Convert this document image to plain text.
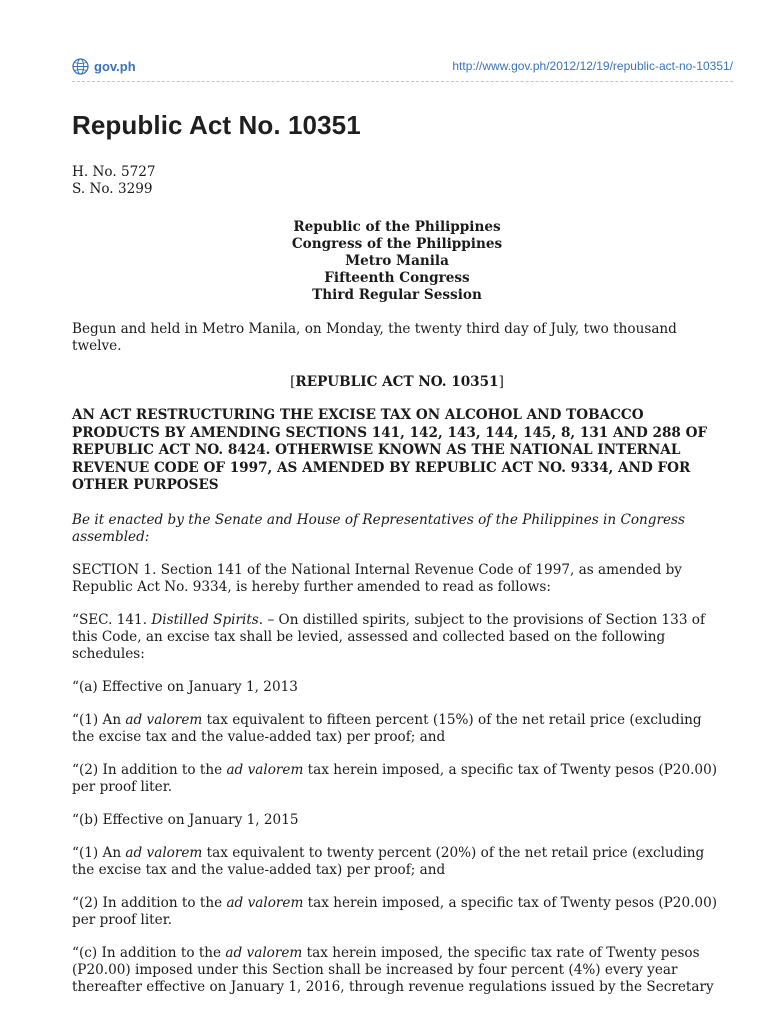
gov.ph	http://www.gov.ph/2012/12/19/republic-act-no-10351/
Republic Act No. 10351

H. No. 5727
S. No. 3299

Republic of the Philippines
Congress of the Philippines
Metro Manila
Fifteenth Congress
Third Regular Session

Begun and held in Metro Manila, on Monday, the twenty third day of July, two thousand twelve.

[REPUBLIC ACT NO. 10351]

AN ACT RESTRUCTURING THE EXCISE TAX ON ALCOHOL AND TOBACCO PRODUCTS BY AMENDING SECTIONS 141, 142, 143, 144, 145, 8, 131 AND 288 OF REPUBLIC ACT NO. 8424. OTHERWISE KNOWN AS THE NATIONAL INTERNAL REVENUE CODE OF 1997, AS AMENDED BY REPUBLIC ACT NO. 9334, AND FOR OTHER PURPOSES

Be it enacted by the Senate and House of Representatives of the Philippines in Congress assembled:

SECTION 1. Section 141 of the National Internal Revenue Code of 1997, as amended by Republic Act No. 9334, is hereby further amended to read as follows:

“SEC. 141. Distilled Spirits. – On distilled spirits, subject to the provisions of Section 133 of this Code, an excise tax shall be levied, assessed and collected based on the following schedules:

“(a) Effective on January 1, 2013

“(1) An ad valorem tax equivalent to fifteen percent (15%) of the net retail price (excluding the excise tax and the value-added tax) per proof; and

“(2) In addition to the ad valorem tax herein imposed, a specific tax of Twenty pesos (P20.00) per proof liter.

“(b) Effective on January 1, 2015

“(1) An ad valorem tax equivalent to twenty percent (20%) of the net retail price (excluding the excise tax and the value-added tax) per proof; and

“(2) In addition to the ad valorem tax herein imposed, a specific tax of Twenty pesos (P20.00) per proof liter.

“(c) In addition to the ad valorem tax herein imposed, the specific tax rate of Twenty pesos (P20.00) imposed under this Section shall be increased by four percent (4%) every year thereafter effective on January 1, 2016, through revenue regulations issued by the Secretary
